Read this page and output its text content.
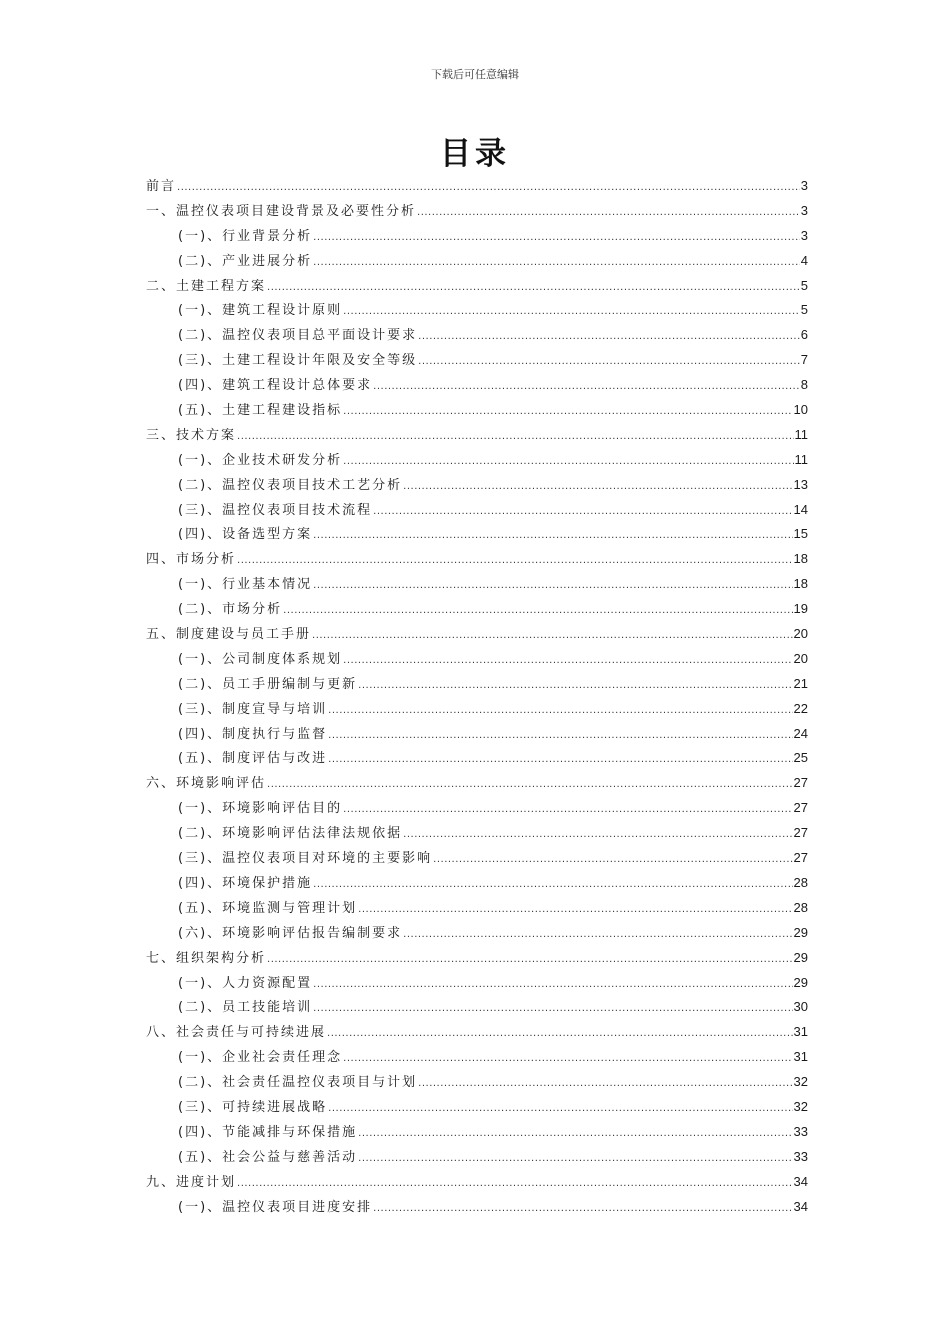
下载后可任意编辑
目录
前言 .....	3
一、温控仪表项目建设背景及必要性分析 .....	3
(一)、行业背景分析 .....	3
(二)、产业进展分析 .....	4
二、土建工程方案 .....	5
(一)、建筑工程设计原则 .....	5
(二)、温控仪表项目总平面设计要求 .....	6
(三)、土建工程设计年限及安全等级 .....	7
(四)、建筑工程设计总体要求 .....	8
(五)、土建工程建设指标 .....	10
三、技术方案 .....	11
(一)、企业技术研发分析 .....	11
(二)、温控仪表项目技术工艺分析 .....	13
(三)、温控仪表项目技术流程 .....	14
(四)、设备选型方案 .....	15
四、市场分析 .....	18
(一)、行业基本情况 .....	18
(二)、市场分析 .....	19
五、制度建设与员工手册 .....	20
(一)、公司制度体系规划 .....	20
(二)、员工手册编制与更新 .....	21
(三)、制度宣导与培训 .....	22
(四)、制度执行与监督 .....	24
(五)、制度评估与改进 .....	25
六、环境影响评估 .....	27
(一)、环境影响评估目的 .....	27
(二)、环境影响评估法律法规依据 .....	27
(三)、温控仪表项目对环境的主要影响 .....	27
(四)、环境保护措施 .....	28
(五)、环境监测与管理计划 .....	28
(六)、环境影响评估报告编制要求 .....	29
七、组织架构分析 .....	29
(一)、人力资源配置 .....	29
(二)、员工技能培训 .....	30
八、社会责任与可持续进展 .....	31
(一)、企业社会责任理念 .....	31
(二)、社会责任温控仪表项目与计划 .....	32
(三)、可持续进展战略 .....	32
(四)、节能减排与环保措施 .....	33
(五)、社会公益与慈善活动 .....	33
九、进度计划 .....	34
(一)、温控仪表项目进度安排 .....	34
